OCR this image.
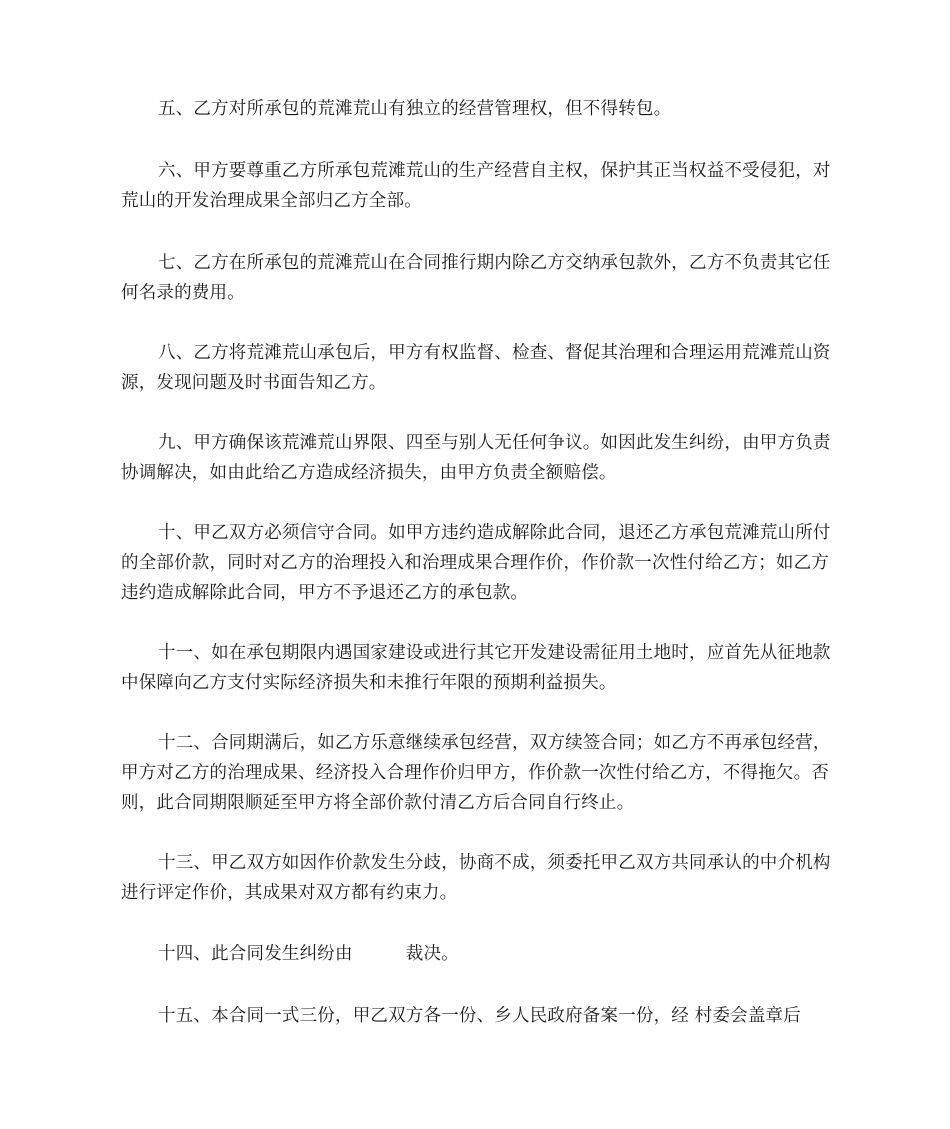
五、乙方对所承包的荒滩荒山有独立的经营管理权，但不得转包。

六、甲方要尊重乙方所承包荒滩荒山的生产经营自主权，保护其正当权益不受侵犯，对荒山的开发治理成果全部归乙方全部。

七、乙方在所承包的荒滩荒山在合同推行期内除乙方交纳承包款外，乙方不负责其它任何名录的费用。

八、乙方将荒滩荒山承包后，甲方有权监督、检查、督促其治理和合理运用荒滩荒山资源，发现问题及时书面告知乙方。

九、甲方确保该荒滩荒山界限、四至与别人无任何争议。如因此发生纠纷，由甲方负责协调解决，如由此给乙方造成经济损失，由甲方负责全额赔偿。

十、甲乙双方必须信守合同。如甲方违约造成解除此合同，退还乙方承包荒滩荒山所付的全部价款，同时对乙方的治理投入和治理成果合理作价，作价款一次性付给乙方；如乙方违约造成解除此合同，甲方不予退还乙方的承包款。

十一、如在承包期限内遇国家建设或进行其它开发建设需征用土地时，应首先从征地款中保障向乙方支付实际经济损失和未推行年限的预期利益损失。

十二、合同期满后，如乙方乐意继续承包经营，双方续签合同；如乙方不再承包经营，甲方对乙方的治理成果、经济投入合理作价归甲方，作价款一次性付给乙方，不得拖欠。否则，此合同期限顺延至甲方将全部价款付清乙方后合同自行终止。

十三、甲乙双方如因作价款发生分歧，协商不成，须委托甲乙双方共同承认的中介机构进行评定作价，其成果对双方都有约束力。

十四、此合同发生纠纷由　　　裁决。

十五、本合同一式三份，甲乙双方各一份、乡人民政府备案一份，经 村委会盖章后
